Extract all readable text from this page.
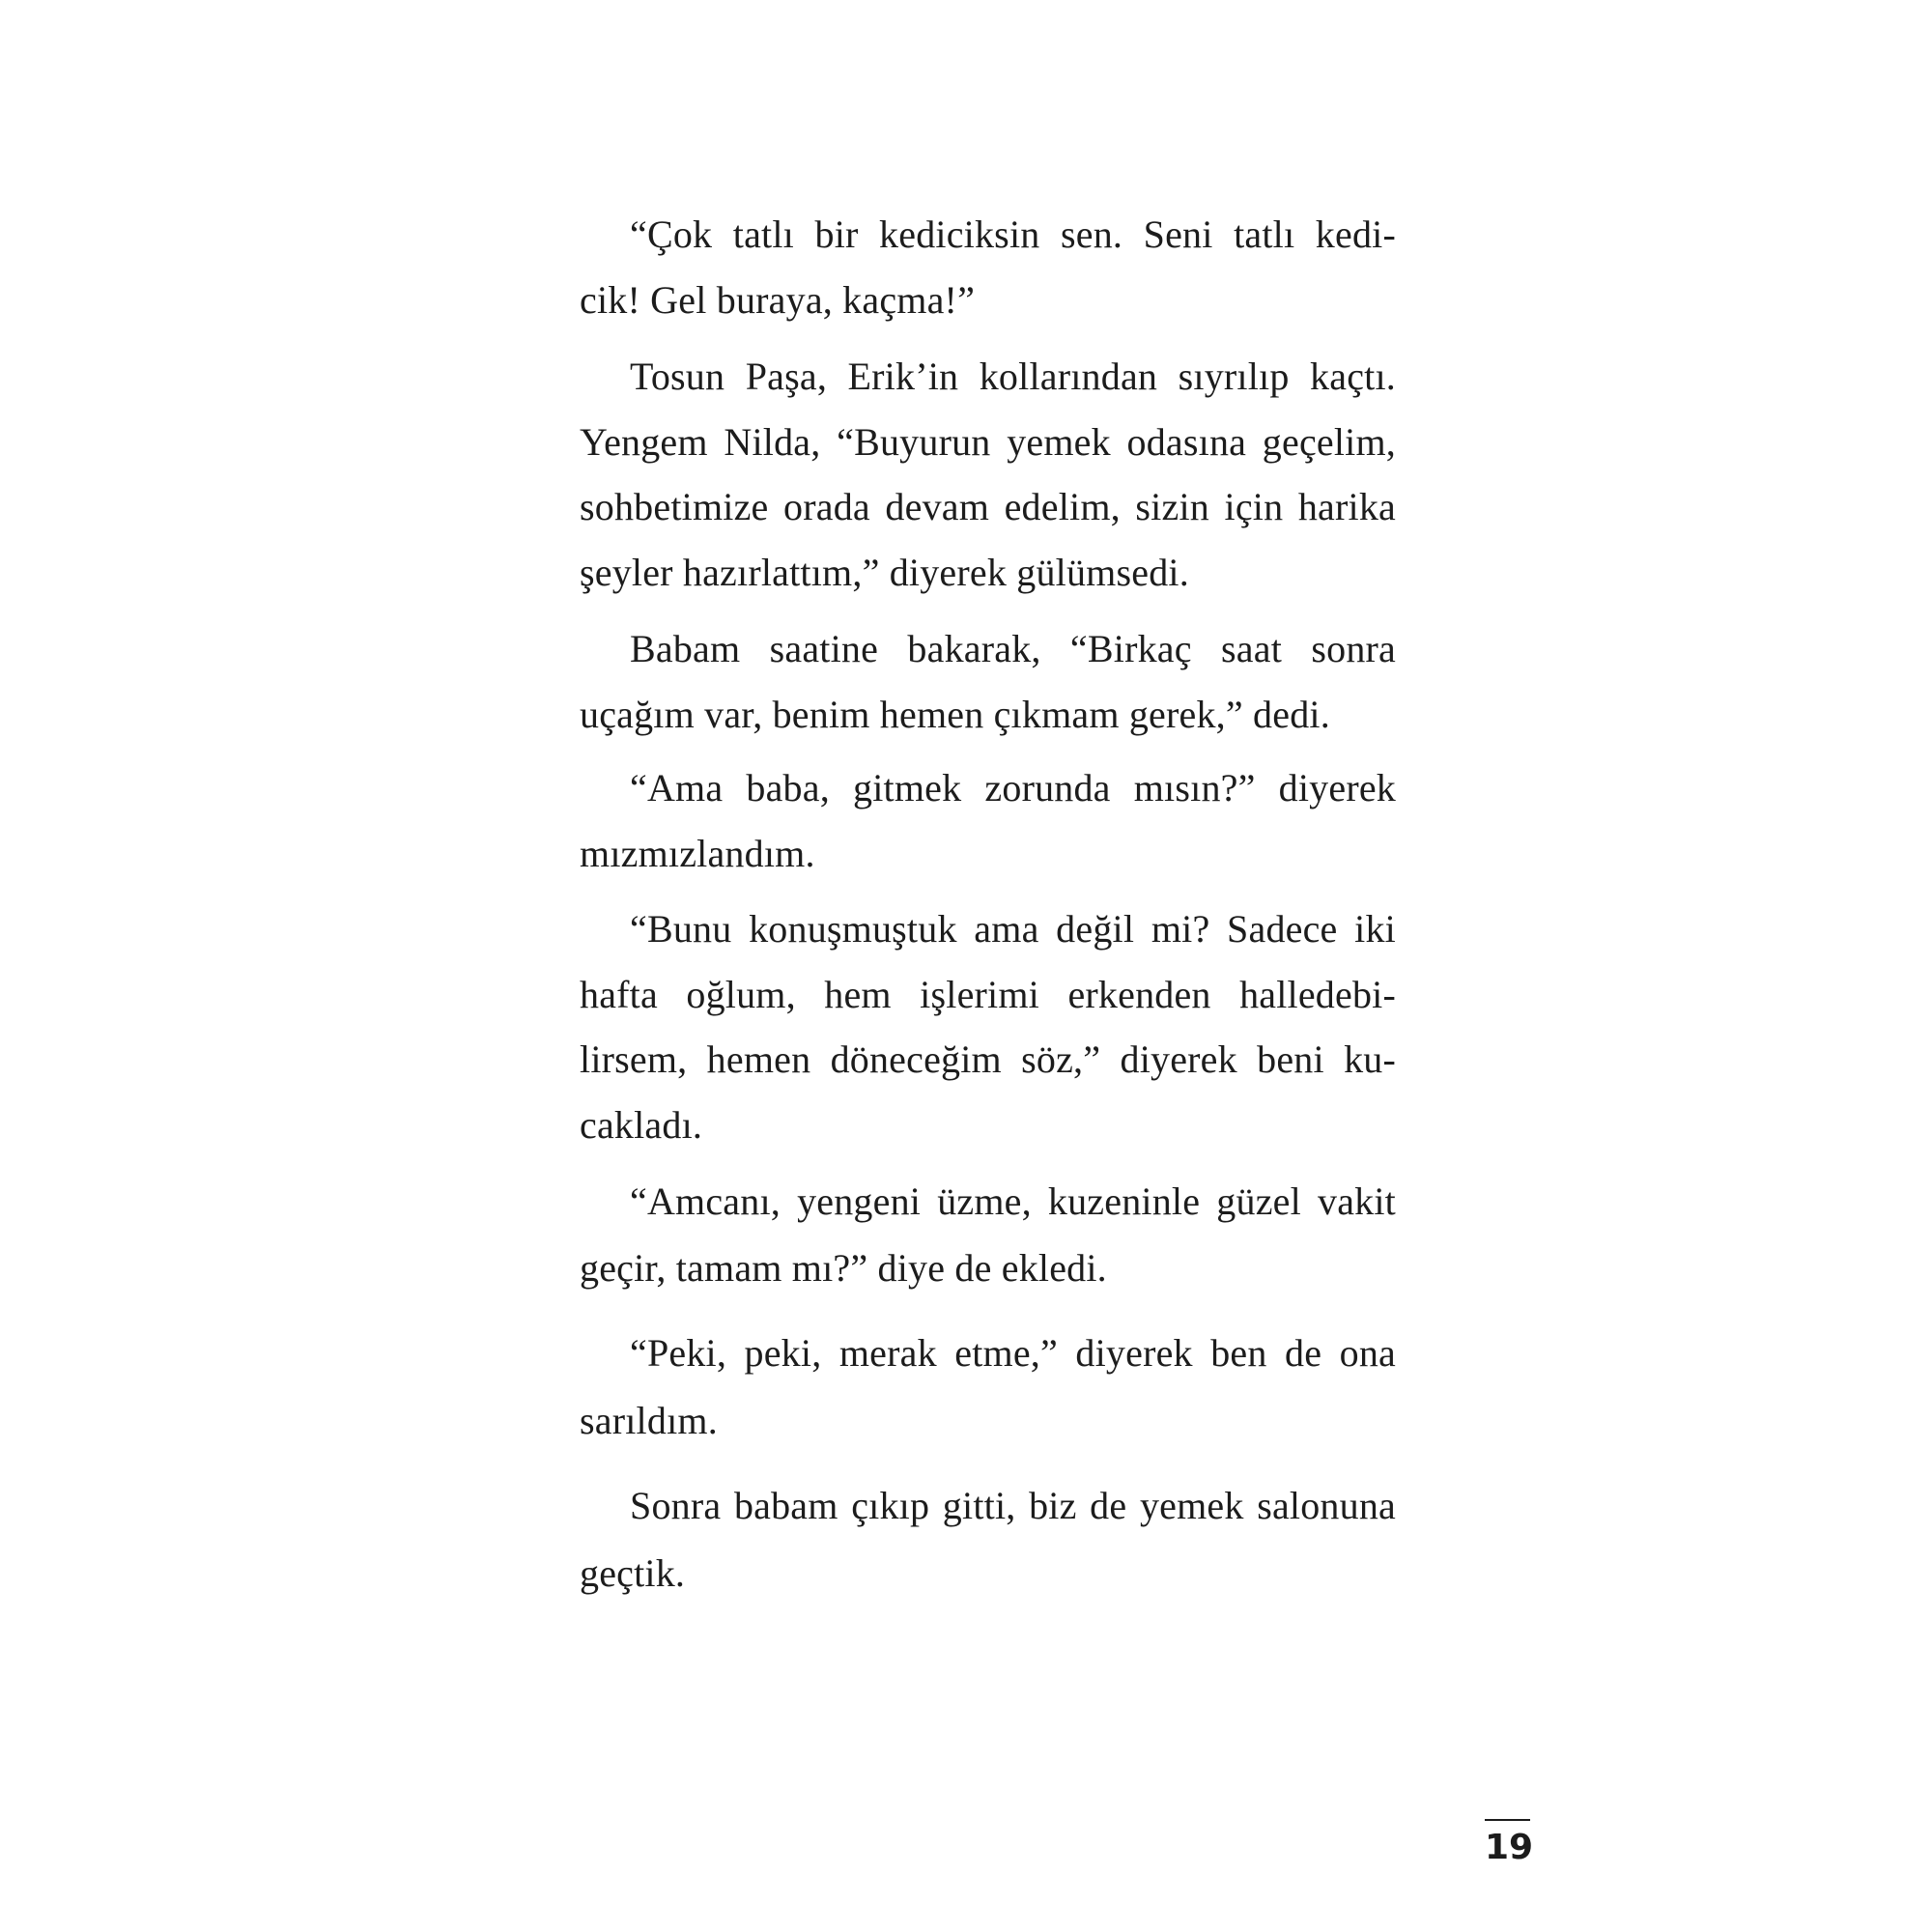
“Çok tatlı bir kediciksin sen. Seni tatlı kedi-
cik! Gel buraya, kaçma!”
Tosun Paşa, Erik’in kollarından sıyrılıp kaçtı.
Yengem Nilda, “Buyurun yemek odasına geçelim,
sohbetimize orada devam edelim, sizin için harika
şeyler hazırlattım,” diyerek gülümsedi.
Babam saatine bakarak, “Birkaç saat sonra
uçağım var, benim hemen çıkmam gerek,” dedi.
“Ama baba, gitmek zorunda mısın?” diyerek
mızmızlandım.
“Bunu konuşmuştuk ama değil mi? Sadece iki
hafta oğlum, hem işlerimi erkenden halledebi-
lirsem, hemen döneceğim söz,” diyerek beni ku-
cakladı.
“Amcanı, yengeni üzme, kuzeninle güzel vakit
geçir, tamam mı?” diye de ekledi.
“Peki, peki, merak etme,” diyerek ben de ona
sarıldım.
Sonra babam çıkıp gitti, biz de yemek salonuna
geçtik.
19
